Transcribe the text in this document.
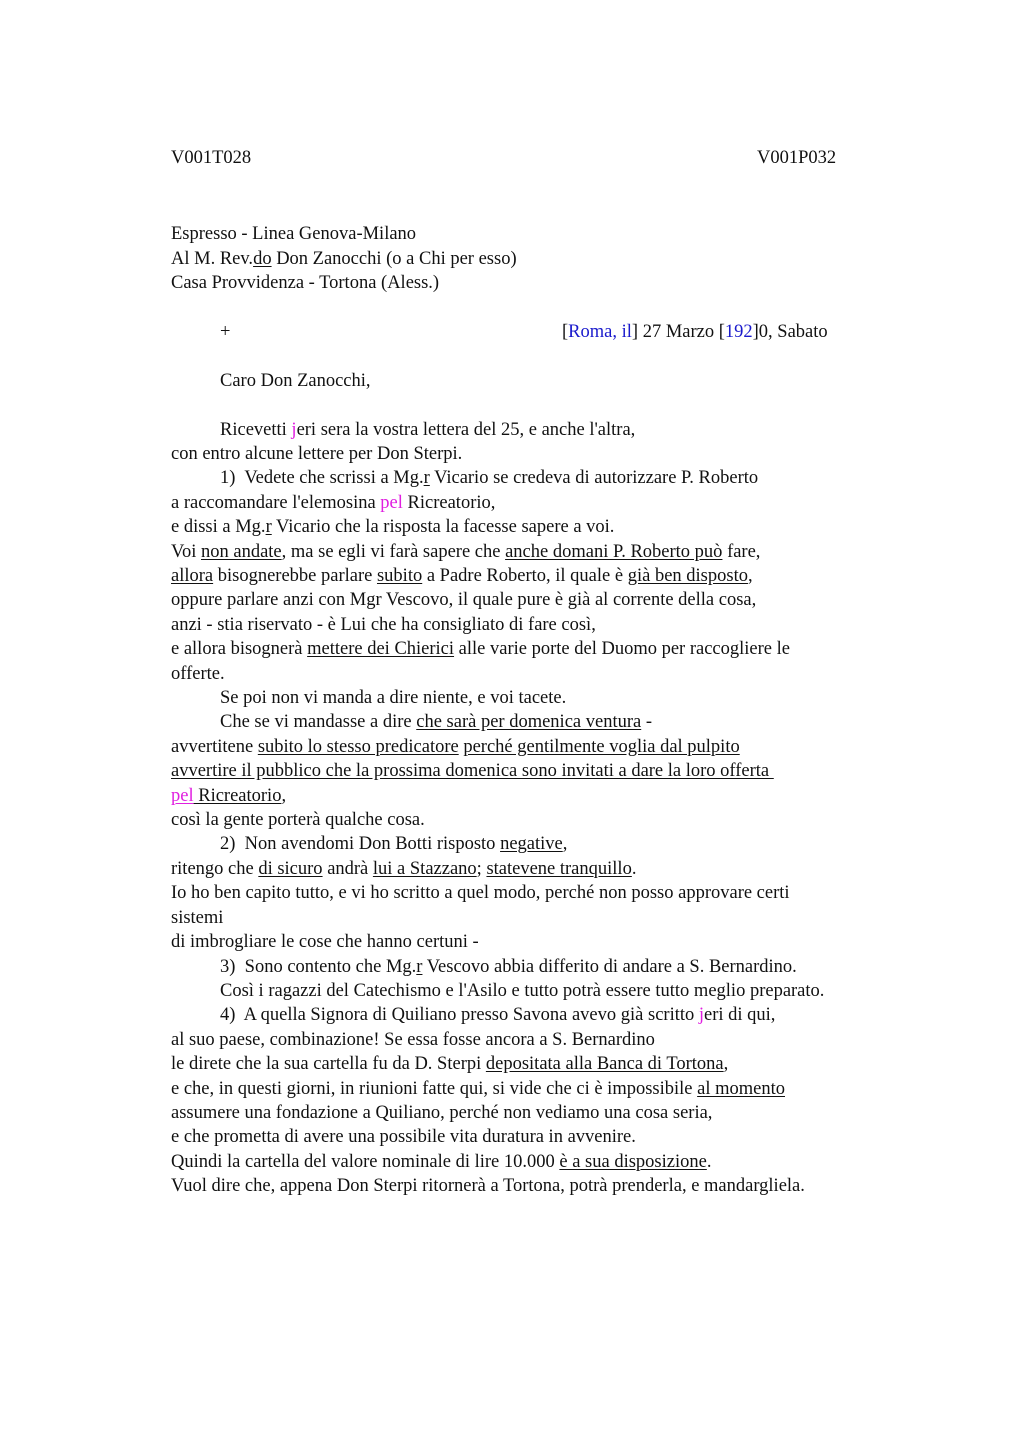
V001T028	V001P032
Espresso - Linea Genova-Milano
Al M. Rev.do Don Zanocchi (o a Chi per esso)
Casa Provvidenza - Tortona (Aless.)
+	[Roma, il] 27 Marzo [192]0, Sabato
Caro Don Zanocchi,
Ricevetti jeri sera la vostra lettera del 25, e anche l'altra,
con entro alcune lettere per Don Sterpi.
1)  Vedete che scrissi a Mg.r Vicario se credeva di autorizzare P. Roberto
a raccomandare l'elemosina pel Ricreatorio,
e dissi a Mg.r Vicario che la risposta la facesse sapere a voi.
Voi non andate, ma se egli vi farà sapere che anche domani P. Roberto può fare,
allora bisognerebbe parlare subito a Padre Roberto, il quale è già ben disposto,
oppure parlare anzi con Mgr Vescovo, il quale pure è già al corrente della cosa,
anzi - stia riservato - è Lui che ha consigliato di fare così,
e allora bisognerà mettere dei Chierici alle varie porte del Duomo per raccogliere le
offerte.
Se poi non vi manda a dire niente, e voi tacete.
Che se vi mandasse a dire che sarà per domenica ventura -
avvertitene subito lo stesso predicatore perché gentilmente voglia dal pulpito
avvertire il pubblico che la prossima domenica sono invitati a dare la loro offerta
pel Ricreatorio,
così la gente porterà qualche cosa.
2)  Non avendomi Don Botti risposto negative,
ritengo che di sicuro andrà lui a Stazzano; statevene tranquillo.
Io ho ben capito tutto, e vi ho scritto a quel modo, perché non posso approvare certi
sistemi
di imbrogliare le cose che hanno certuni -
3)  Sono contento che Mg.r Vescovo abbia differito di andare a S. Bernardino.
Così i ragazzi del Catechismo e l'Asilo e tutto potrà essere tutto meglio preparato.
4)  A quella Signora di Quiliano presso Savona avevo già scritto jeri di qui,
al suo paese, combinazione! Se essa fosse ancora a S. Bernardino
le direte che la sua cartella fu da D. Sterpi depositata alla Banca di Tortona,
e che, in questi giorni, in riunioni fatte qui, si vide che ci è impossibile al momento
assumere una fondazione a Quiliano, perché non vediamo una cosa seria,
e che prometta di avere una possibile vita duratura in avvenire.
Quindi la cartella del valore nominale di lire 10.000 è a sua disposizione.
Vuol dire che, appena Don Sterpi ritornerà a Tortona, potrà prenderla, e mandargliela.
